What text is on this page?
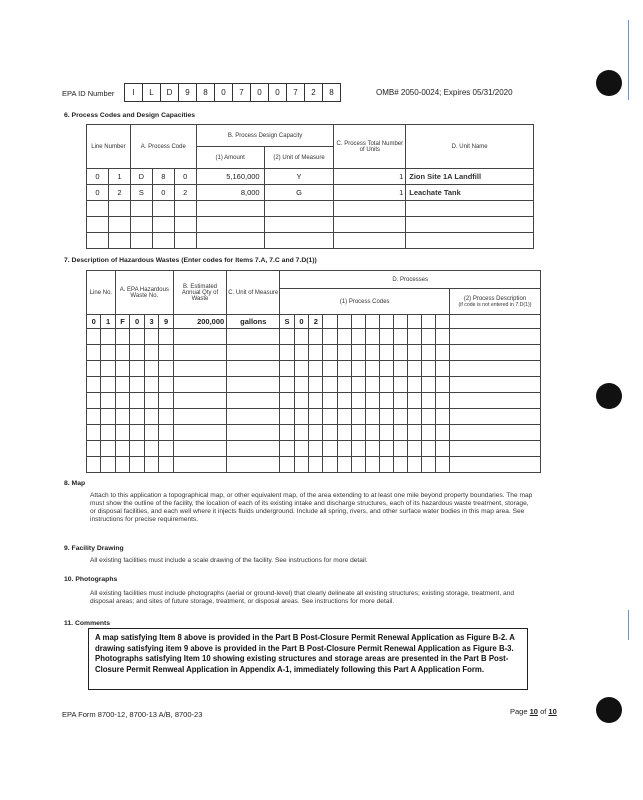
EPA ID Number	I	L	D	9	8	0	7	0	0	7	2	8	OMB# 2050-0024; Expires 05/31/2020
6. Process Codes and Design Capacities
Line Number		A. Process Code			B. Process Design Capacity		C. Process Total Number of Units	D. Unit Name
					(1) Amount	(2) Unit of Measure		
0	1	D	8	0	5,160,000	Y	1	Zion Site 1A Landfill
0	2	S	0	2	8,000	G	1	Leachate Tank

7. Description of Hazardous Wastes (Enter codes for Items 7.A, 7.C and 7.D(1))
Line No.		A. EPA Hazardous Waste No.				B. Estimated Annual Qty of Waste	C. Unit of Measure	D. Processes												
								(1) Process Codes												(2) Process Description
(if code is not entered in 7.D(1))

0	1	F	0	3	9	200,000	gallons	S	0	2										

8. Map
Attach to this application a topographical map, or other equivalent map, of the area extending to at least one mile beyond property boundaries. The map must show the outline of the facility, the location of each of its existing intake and discharge structures, each of its hazardous waste treatment, storage, or disposal facilities, and each well where it injects fluids underground. Include all spring, rivers, and other surface water bodies in this map area. See instructions for precise requirements.
9. Facility Drawing
All existing facilities must include a scale drawing of the facility. See instructions for more detail.
10. Photographs
All existing facilities must include photographs (aerial or ground-level) that clearly delineate all existing structures; existing storage, treatment, and disposal areas; and sites of future storage, treatment, or disposal areas. See instructions for more detail.
11. Comments
A map satisfying Item 8 above is provided in the Part B Post-Closure Permit Renewal Application as Figure B-2. A drawing satisfying item 9 above is provided in the Part B Post-Closure Permit Renewal Application as Figure B-3. Photographs satisfying Item 10 showing existing structures and storage areas are presented in the Part B Post-Closure Permit Renweal Application in Appendix A-1, immediately following this Part A Application Form.
EPA Form 8700-12, 8700-13 A/B, 8700-23	Page 10 of 10
